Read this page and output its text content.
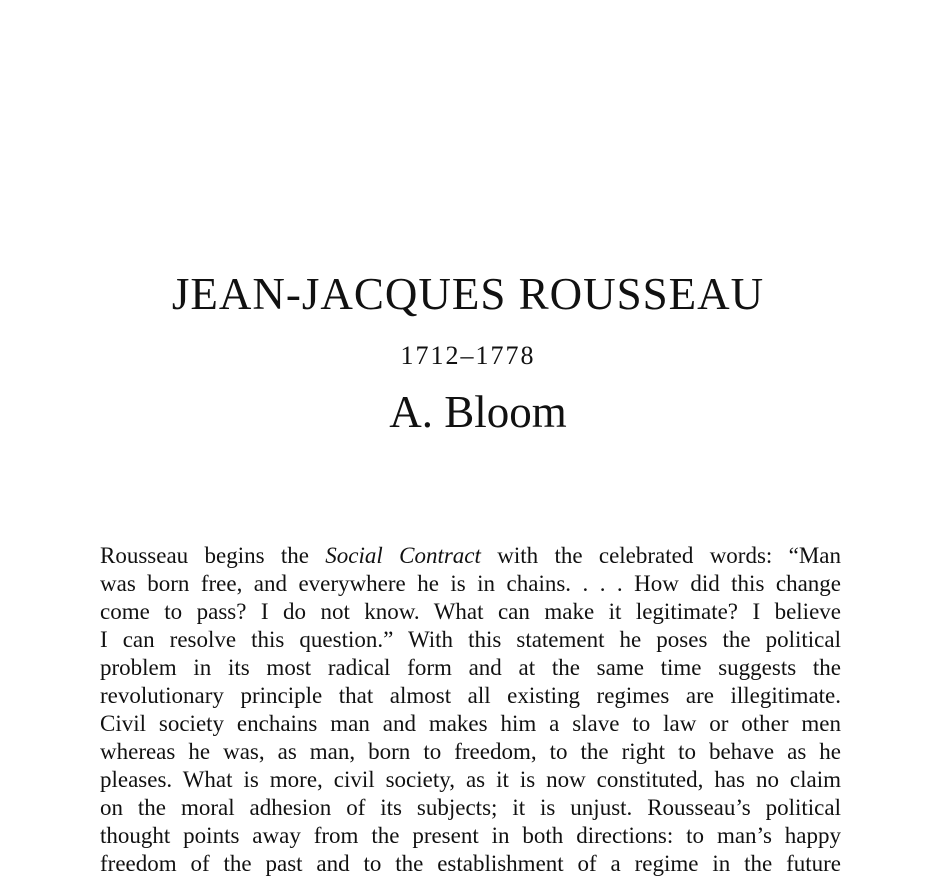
JEAN-JACQUES ROUSSEAU
1712–1778
A. Bloom

Rousseau begins the Social Contract with the celebrated words: “Man
was born free, and everywhere he is in chains. . . . How did this change
come to pass? I do not know. What can make it legitimate? I believe
I can resolve this question.” With this statement he poses the political
problem in its most radical form and at the same time suggests the
revolutionary principle that almost all existing regimes are illegitimate.
Civil society enchains man and makes him a slave to law or other men
whereas he was, as man, born to freedom, to the right to behave as he
pleases. What is more, civil society, as it is now constituted, has no claim
on the moral adhesion of its subjects; it is unjust. Rousseau’s political
thought points away from the present in both directions: to man’s happy
freedom of the past and to the establishment of a regime in the future
